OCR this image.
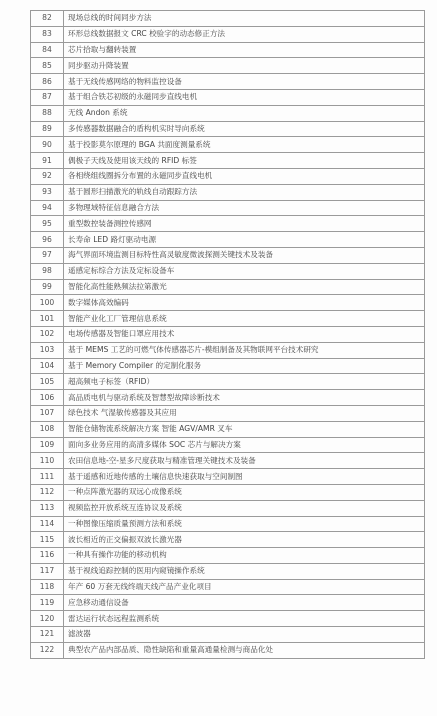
82	现场总线的时间同步方法
83	环形总线数据报文 CRC 校验字的动态修正方法
84	芯片拾取与翻转装置
85	同步驱动升降装置
86	基于无线传感网络的物料监控设备
87	基于组合铁芯初级的永磁同步直线电机
88	无线 Andon 系统
89	多传感器数据融合的盾构机实时导向系统
90	基于投影莫尔原理的 BGA 共面度测量系统
91	偶极子天线及使用该天线的 RFID 标签
92	各相绕组线圈拆分布置的永磁同步直线电机
93	基于圆形扫描激光的轨线自动跟踪方法
94	多物理域特征信息融合方法
95	重型数控装备测控传感网
96	长寿命 LED 路灯驱动电源
97	海气界面环境监测目标特性高灵敏度微波探测关键技术及装备
98	遥感定标综合方法及定标设备车
99	智能化高性能熟频法拉第激光
100	数字媒体高效编码
101	智能产业化工厂管理信息系统
102	电场传感器及智能口罩应用技术
103	基于 MEMS 工艺的可燃气体传感器芯片-模组制备及其物联网平台技术研究
104	基于 Memory Compiler 的定制化服务
105	超高频电子标签（RFID）
106	高品质电机与驱动系统及智慧型故障诊断技术
107	绿色技术 气湿敏传感器及其应用
108	智能仓储物流系统解决方案 智能 AGV/AMR 叉车
109	面向多业务应用的高清多媒体 SOC 芯片与解决方案
110	农田信息地-空-星多尺度获取与精准管理关键技术及装备
111	基于遥感和近地传感的土壤信息快速获取与空间制图
112	一种点阵激光器的双远心成像系统
113	视频监控开放系统互连协议及系统
114	一种图像压缩质量预测方法和系统
115	波长相近的正交偏振双波长激光器
116	一种具有操作功能的移动机构
117	基于视线追踪控制的医用内窥镜操作系统
118	年产 60 万套无线终端天线产品产业化项目
119	应急移动通信设备
120	雷达运行状态远程监测系统
121	滤波器
122	典型农产品内部品质、隐性缺陷和重量高通量检测与商品化处
